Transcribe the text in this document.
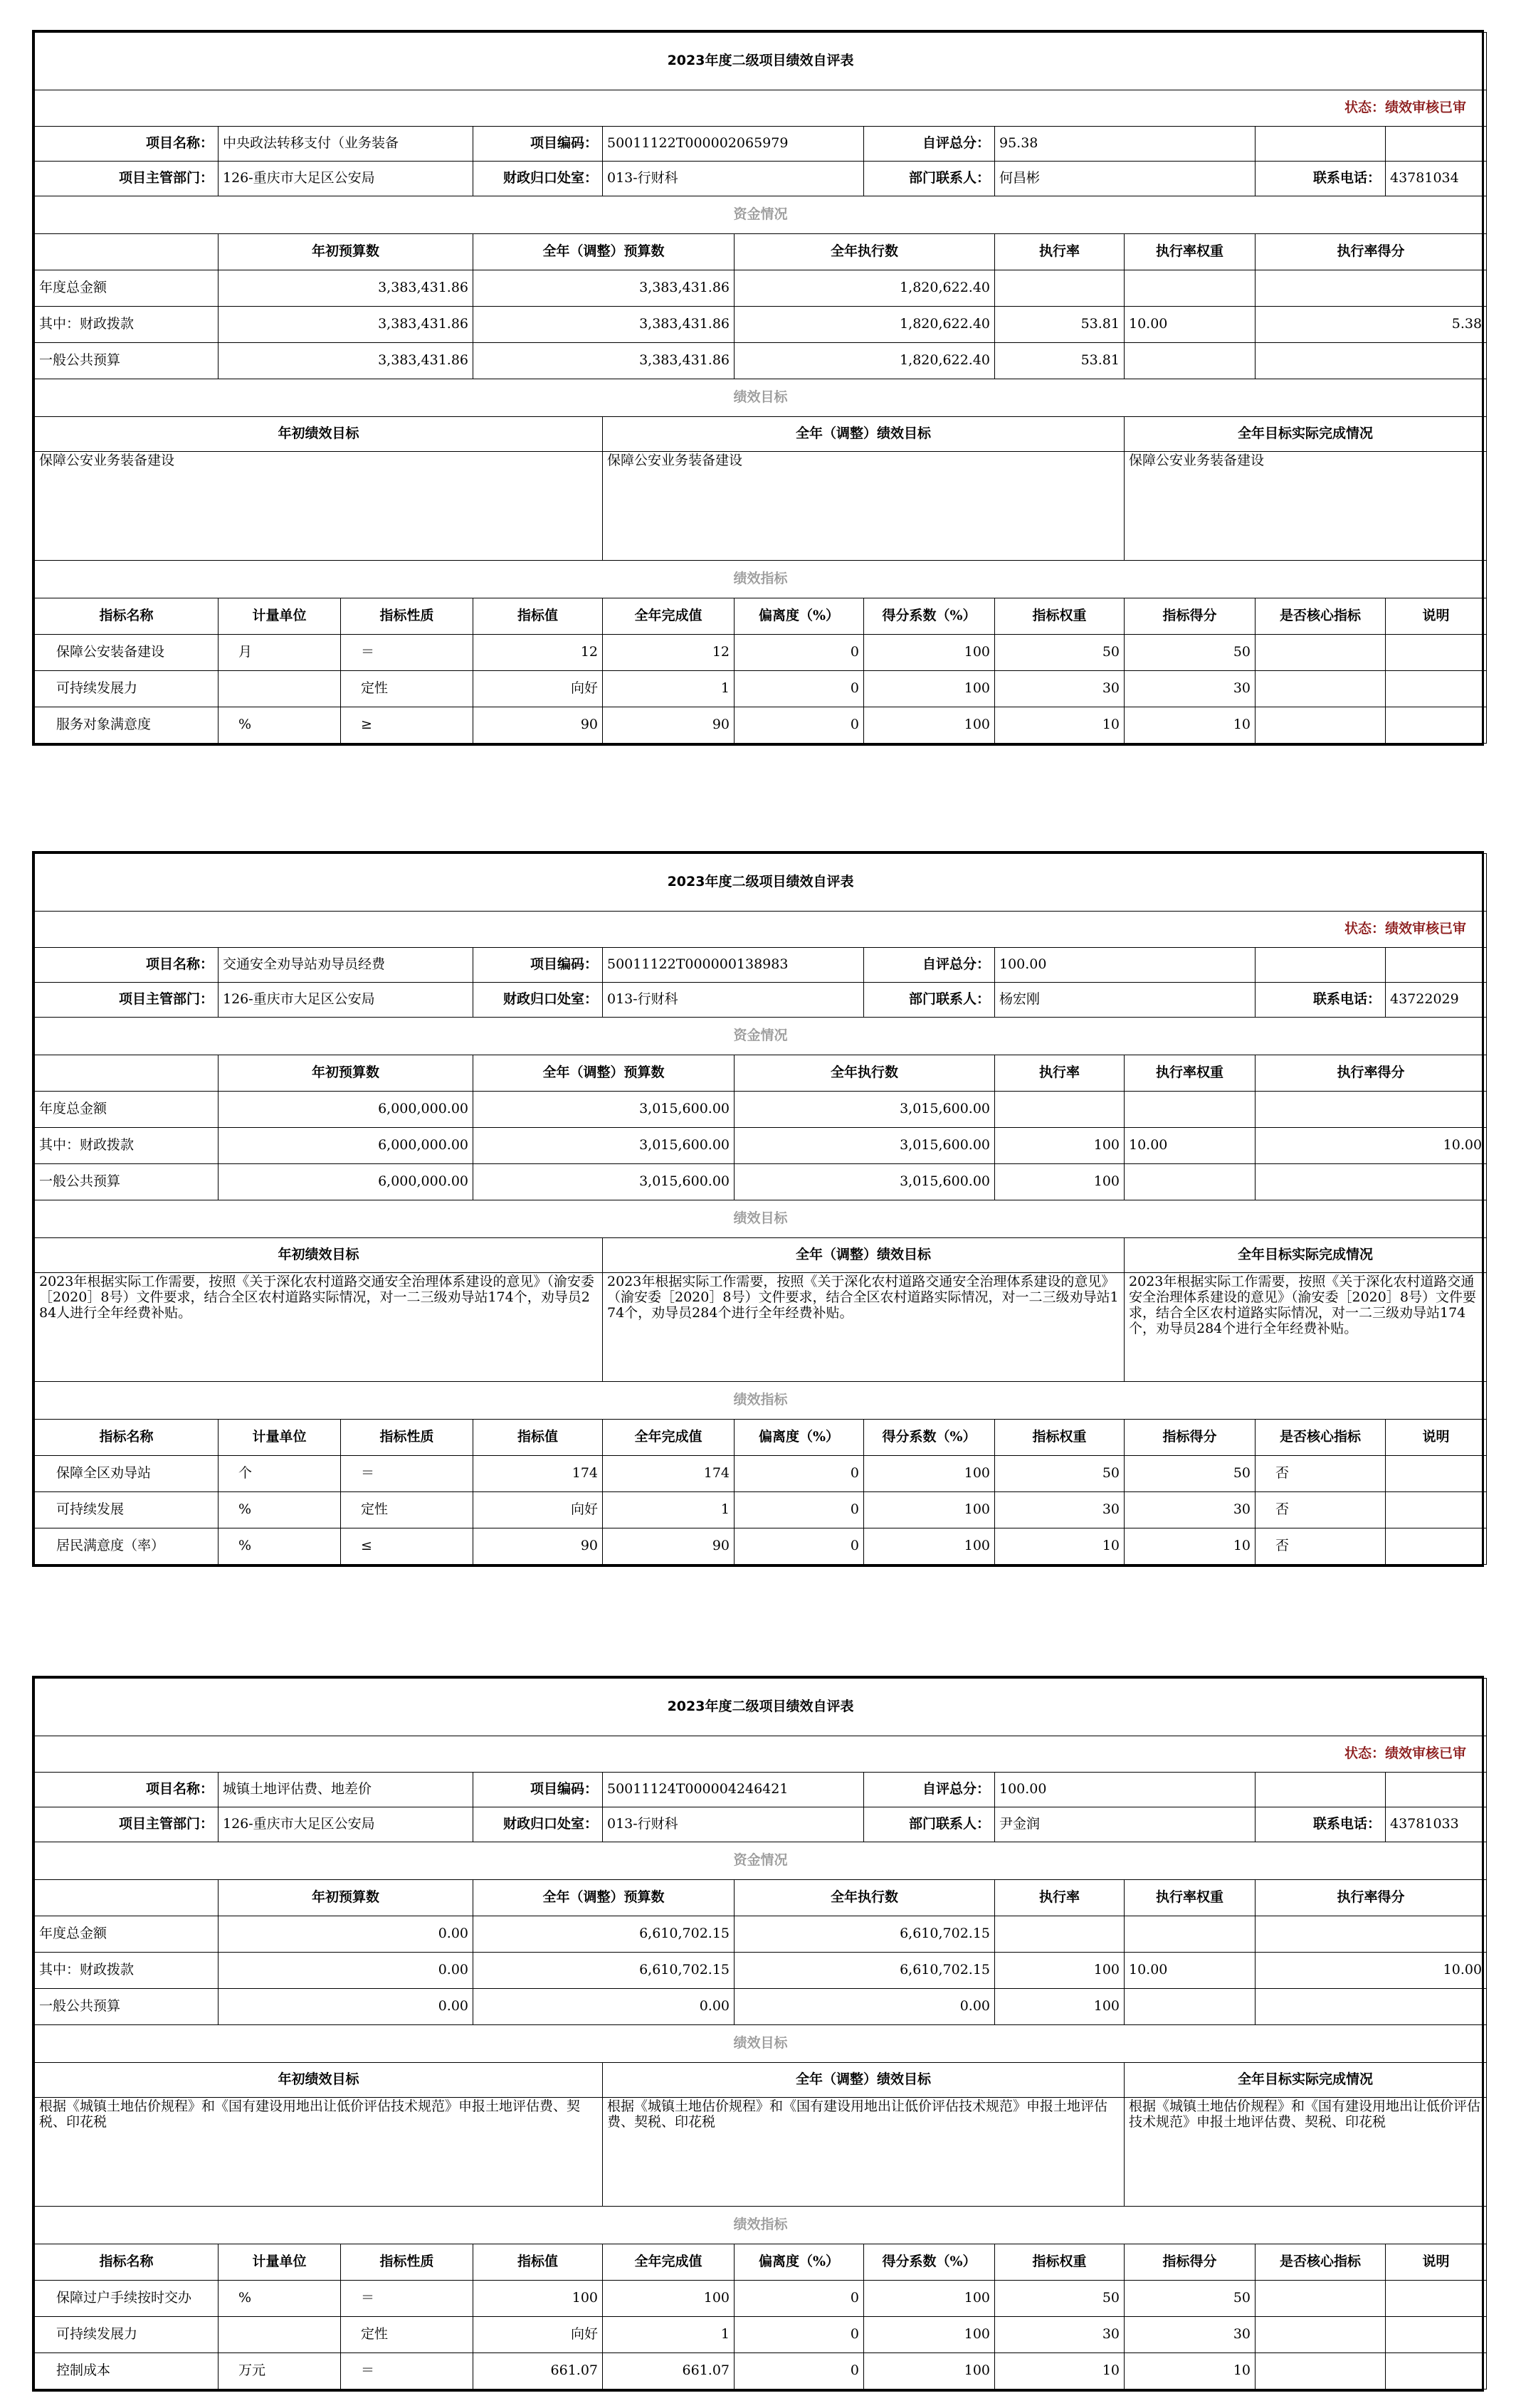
2023年度二级项目绩效自评表										
状态：绩效审核已审										
项目名称：	中央政法转移支付（业务装备		项目编码：	50011122T000002065979		自评总分：	95.38			
项目主管部门：	126-重庆市大足区公安局		财政归口处室：	013-行财科		部门联系人：	何昌彬		联系电话：	43781034
资金情况										
	年初预算数		全年（调整）预算数		全年执行数		执行率	执行率权重	执行率得分	
年度总金额	3,383,431.86		3,383,431.86		1,820,622.40					
其中：财政拨款	3,383,431.86		3,383,431.86		1,820,622.40		53.81	10.00	5.38	
一般公共预算	3,383,431.86		3,383,431.86		1,820,622.40		53.81			
绩效目标										
年初绩效目标				全年（调整）绩效目标				全年目标实际完成情况		
保障公安业务装备建设				保障公安业务装备建设				保障公安业务装备建设		
绩效指标										
指标名称	计量单位	指标性质	指标值	全年完成值	偏离度（%）	得分系数（%）	指标权重	指标得分	是否核心指标	说明
保障公安装备建设	月	＝	12	12	0	100	50	50		
可持续发展力		定性	向好	1	0	100	30	30		
服务对象满意度	%	≥	90	90	0	100	10	10		
2023年度二级项目绩效自评表										
状态：绩效审核已审										
项目名称：	交通安全劝导站劝导员经费		项目编码：	50011122T000000138983		自评总分：	100.00			
项目主管部门：	126-重庆市大足区公安局		财政归口处室：	013-行财科		部门联系人：	杨宏刚		联系电话：	43722029
资金情况										
	年初预算数		全年（调整）预算数		全年执行数		执行率	执行率权重	执行率得分	
年度总金额	6,000,000.00		3,015,600.00		3,015,600.00					
其中：财政拨款	6,000,000.00		3,015,600.00		3,015,600.00		100	10.00	10.00	
一般公共预算	6,000,000.00		3,015,600.00		3,015,600.00		100			
绩效目标										
年初绩效目标				全年（调整）绩效目标				全年目标实际完成情况		
2023年根据实际工作需要，按照《关于深化农村道路交通安全治理体系建设的意见》（渝安委［2020］8号）文件要求，结合全区农村道路实际情况，对一二三级劝导站174个，劝导员284人进行全年经费补贴。				2023年根据实际工作需要，按照《关于深化农村道路交通安全治理体系建设的意见》（渝安委［2020］8号）文件要求，结合全区农村道路实际情况，对一二三级劝导站174个，劝导员284个进行全年经费补贴。				2023年根据实际工作需要，按照《关于深化农村道路交通安全治理体系建设的意见》（渝安委［2020］8号）文件要求，结合全区农村道路实际情况，对一二三级劝导站174个，劝导员284个进行全年经费补贴。		
绩效指标										
指标名称	计量单位	指标性质	指标值	全年完成值	偏离度（%）	得分系数（%）	指标权重	指标得分	是否核心指标	说明
保障全区劝导站	个	＝	174	174	0	100	50	50	否	
可持续发展	%	定性	向好	1	0	100	30	30	否	
居民满意度（率）	%	≤	90	90	0	100	10	10	否	
2023年度二级项目绩效自评表										
状态：绩效审核已审										
项目名称：	城镇土地评估费、地差价		项目编码：	50011124T000004246421		自评总分：	100.00			
项目主管部门：	126-重庆市大足区公安局		财政归口处室：	013-行财科		部门联系人：	尹金润		联系电话：	43781033
资金情况										
	年初预算数		全年（调整）预算数		全年执行数		执行率	执行率权重	执行率得分	
年度总金额	0.00		6,610,702.15		6,610,702.15					
其中：财政拨款	0.00		6,610,702.15		6,610,702.15		100	10.00	10.00	
一般公共预算	0.00		0.00		0.00		100			
绩效目标										
年初绩效目标				全年（调整）绩效目标				全年目标实际完成情况		
根据《城镇土地估价规程》和《国有建设用地出让低价评估技术规范》申报土地评估费、契税、印花税				根据《城镇土地估价规程》和《国有建设用地出让低价评估技术规范》申报土地评估费、契税、印花税				根据《城镇土地估价规程》和《国有建设用地出让低价评估技术规范》申报土地评估费、契税、印花税		
绩效指标										
指标名称	计量单位	指标性质	指标值	全年完成值	偏离度（%）	得分系数（%）	指标权重	指标得分	是否核心指标	说明
保障过户手续按时交办	%	＝	100	100	0	100	50	50		
可持续发展力		定性	向好	1	0	100	30	30		
控制成本	万元	＝	661.07	661.07	0	100	10	10		
